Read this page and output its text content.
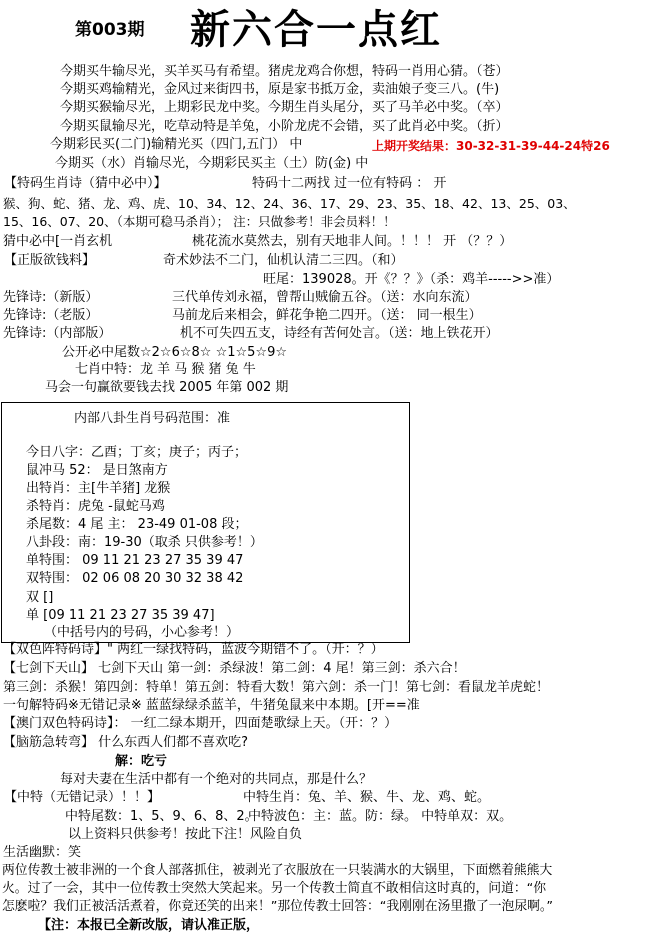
第003期 新六合一点红
今期买牛输尽光，买羊买马有希望。猪虎龙鸡合你想，特码一肖用心猜。（苍）
今期买鸡输精光，金风过来街四书，原是家书抵万金，卖油娘子变三八。(牛)
今期买猴输尽光，上期彩民龙中奖。今期生肖头尾分，买了马羊必中奖。（卒）
今期买鼠输尽光，吃草动特是羊兔，小阶龙虎不会错，买了此肖必中奖。（折）
今期彩民买(二门)输精光买（四门,五门） 中	上期开奖结果：30-32-31-39-44-24特26
今期买（水）肖输尽光，今期彩民买主（土）防(金) 中
【特码生肖诗（猜中必中）】	特码十二两找 过一位有特码 ： 开
猴、狗、蛇、猪、龙、鸡、虎、10、34、12、24、36、17、29、23、35、18、42、13、25、03、
15、16、07、20、（本期可稳马杀肖）； 注：只做参考！非会员料！！
猜中必中[一肖玄机	桃花流水莫然去，别有天地非人间。！！！ 开 （？？）
【正版欲钱料】	奇术妙法不二门，仙机认清二三四。（和）
旺尾：139028。开《？？》（杀：鸡羊----->>准）
先锋诗:（新版）	三代单传刘永福，曾帮山贼偷五谷。（送：水向东流）
先锋诗:（老版）	马前龙后来相会，鲜花争艳二四开。（送： 同一根生）
先锋诗:（内部版）	机不可失四五支，诗经有苦何处言。（送：地上铁花开）
公开必中尾数☆2☆6☆8☆ ☆1☆5☆9☆
七肖中特：龙 羊 马 猴 猪 兔 牛
马会一句赢欲要钱去找 2005 年第 002 期
内部八卦生肖号码范围：准
今日八字：乙酉；丁亥；庚子；丙子；
鼠冲马 52： 是日煞南方
出特肖：主[牛羊猪] 龙猴
杀特肖：虎兔 -鼠蛇马鸡
杀尾数：4 尾 主： 23-49 01-08 段；
八卦段：南：19-30（取杀 只供参考！）
单特围： 09 11 21 23 27 35 39 47
双特围： 02 06 08 20 30 32 38 42
双 []
单 [09 11 21 23 27 35 39 47]
（中括号内的号码，小心参考！）
【双色阵特码诗】" 两红一绿找特码，蓝波今期错不了。（开：？）
【七剑下天山】 七剑下天山 第一剑：杀绿波！第二剑：4 尾！第三剑：杀六合！
第三剑：杀猴！第四剑：特单！第五剑：特看大数！第六剑：杀一门！第七剑：看鼠龙羊虎蛇！
一句解特码※无错记录※ 蓝蓝绿绿杀蓝羊，牛猪兔鼠来中本期。[开==准
【澳门双色特码诗】： 一红二绿本期开，四面楚歌绿上天。（开：？）
【脑筋急转弯】 什么东西人们都不喜欢吃?
解：吃亏
每对夫妻在生活中都有一个绝对的共同点，那是什么？
【中特（无错记录）！！】	中特生肖：兔、羊、猴、牛、龙、鸡、蛇。
中特尾数：1、5、9、6、8、2。
中特波色：主：蓝。防：绿。 中特单双：双。
以上资料只供参考！按此下注！风险自负
生活幽默：笑
两位传教士被非洲的一个食人部落抓住，被剥光了衣服放在一只装满水的大锅里，下面燃着熊熊大
火。过了一会，其中一位传教士突然大笑起来。另一个传教士简直不敢相信这时真的，问道：“你
怎麽啦？我们正被活活煮着，你竟还笑的出来！”那位传教士回答：“我刚刚在汤里撒了一泡尿啊。”
【注：本报已全新改版，请认准正版，
